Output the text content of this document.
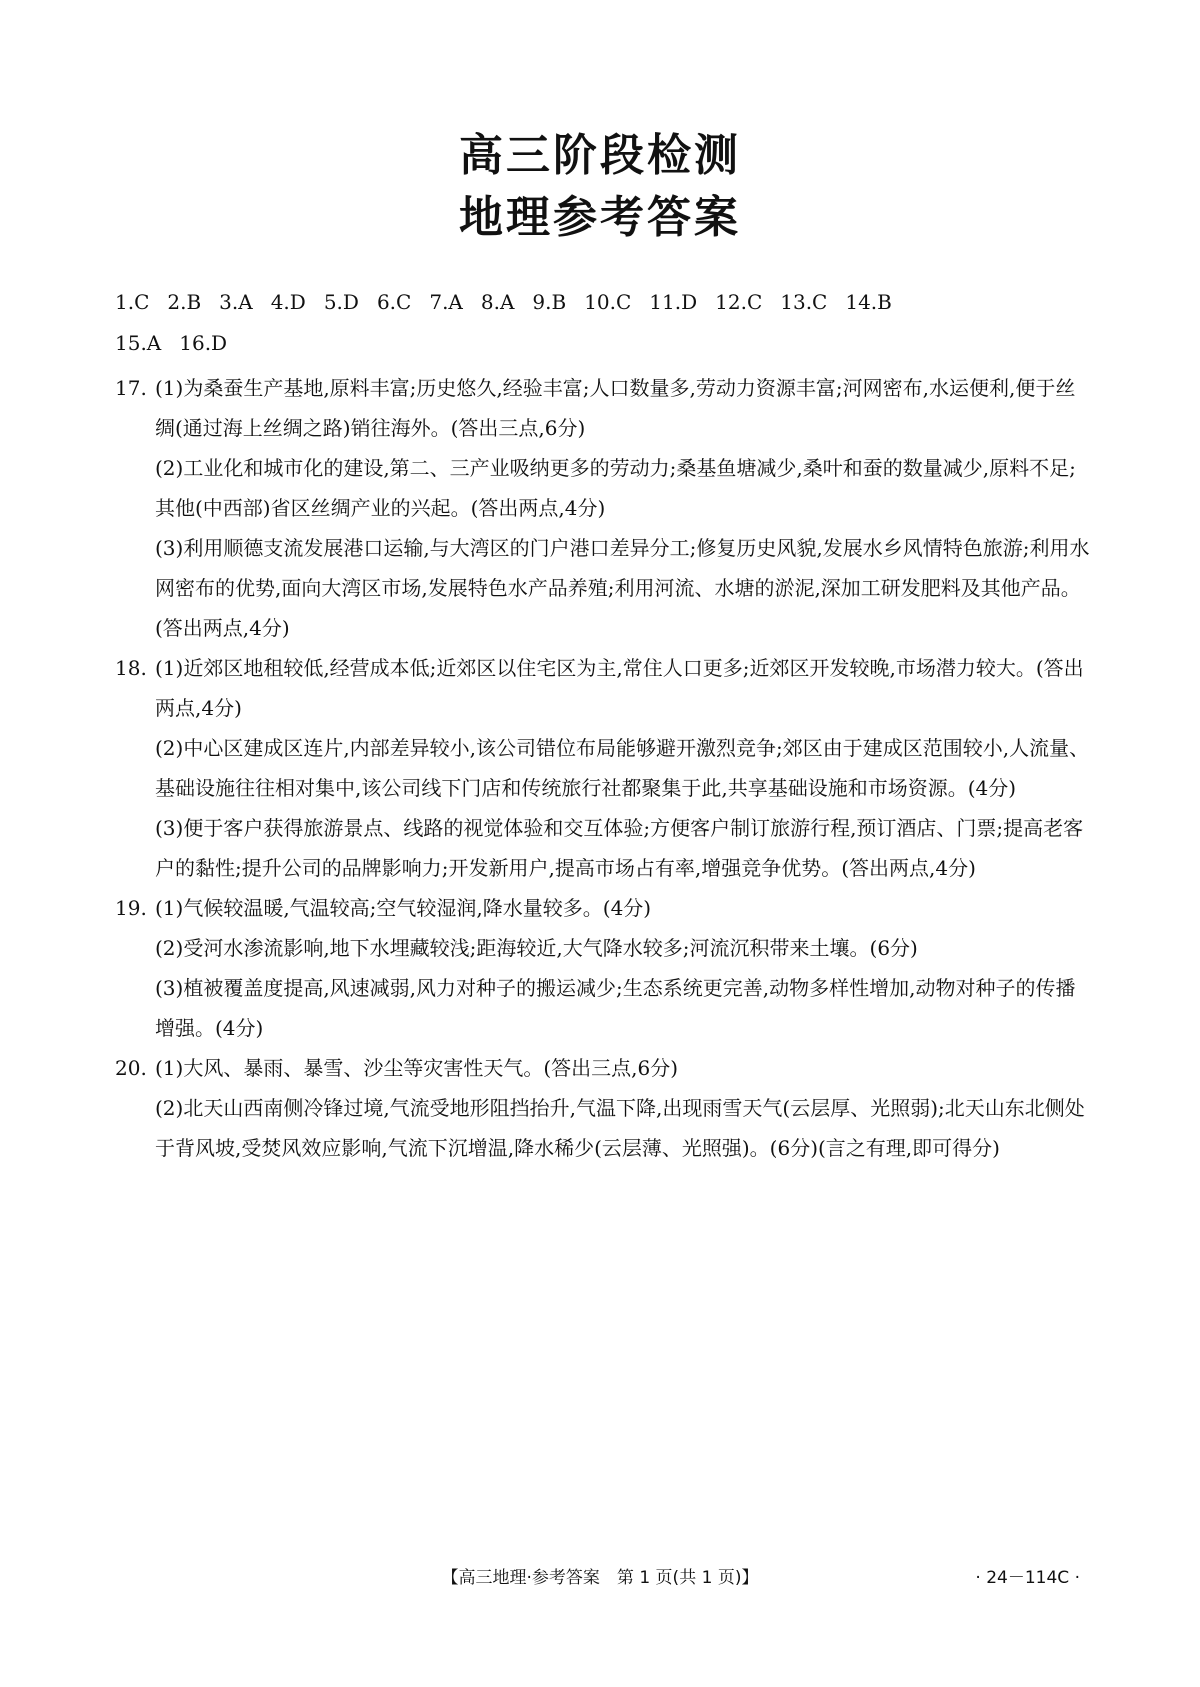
高三阶段检测
地理参考答案
1.C 2.B 3.A 4.D 5.D 6.C 7.A 8.A 9.B 10.C 11.D 12.C 13.C 14.B
15.A 16.D
17. (1)为桑蚕生产基地,原料丰富;历史悠久,经验丰富;人口数量多,劳动力资源丰富;河网密布,水运便利,便于丝绸(通过海上丝绸之路)销往海外。(答出三点,6分)
(2)工业化和城市化的建设,第二、三产业吸纳更多的劳动力;桑基鱼塘减少,桑叶和蚕的数量减少,原料不足;其他(中西部)省区丝绸产业的兴起。(答出两点,4分)
(3)利用顺德支流发展港口运输,与大湾区的门户港口差异分工;修复历史风貌,发展水乡风情特色旅游;利用水网密布的优势,面向大湾区市场,发展特色水产品养殖;利用河流、水塘的淤泥,深加工研发肥料及其他产品。(答出两点,4分)
18. (1)近郊区地租较低,经营成本低;近郊区以住宅区为主,常住人口更多;近郊区开发较晚,市场潜力较大。(答出两点,4分)
(2)中心区建成区连片,内部差异较小,该公司错位布局能够避开激烈竞争;郊区由于建成区范围较小,人流量、基础设施往往相对集中,该公司线下门店和传统旅行社都聚集于此,共享基础设施和市场资源。(4分)
(3)便于客户获得旅游景点、线路的视觉体验和交互体验;方便客户制订旅游行程,预订酒店、门票;提高老客户的黏性;提升公司的品牌影响力;开发新用户,提高市场占有率,增强竞争优势。(答出两点,4分)
19. (1)气候较温暖,气温较高;空气较湿润,降水量较多。(4分)
(2)受河水渗流影响,地下水埋藏较浅;距海较近,大气降水较多;河流沉积带来土壤。(6分)
(3)植被覆盖度提高,风速减弱,风力对种子的搬运减少;生态系统更完善,动物多样性增加,动物对种子的传播增强。(4分)
20. (1)大风、暴雨、暴雪、沙尘等灾害性天气。(答出三点,6分)
(2)北天山西南侧冷锋过境,气流受地形阻挡抬升,气温下降,出现雨雪天气(云层厚、光照弱);北天山东北侧处于背风坡,受焚风效应影响,气流下沉增温,降水稀少(云层薄、光照强)。(6分)(言之有理,即可得分)
【高三地理·参考答案　第 1 页(共 1 页)】	· 24－114C ·
